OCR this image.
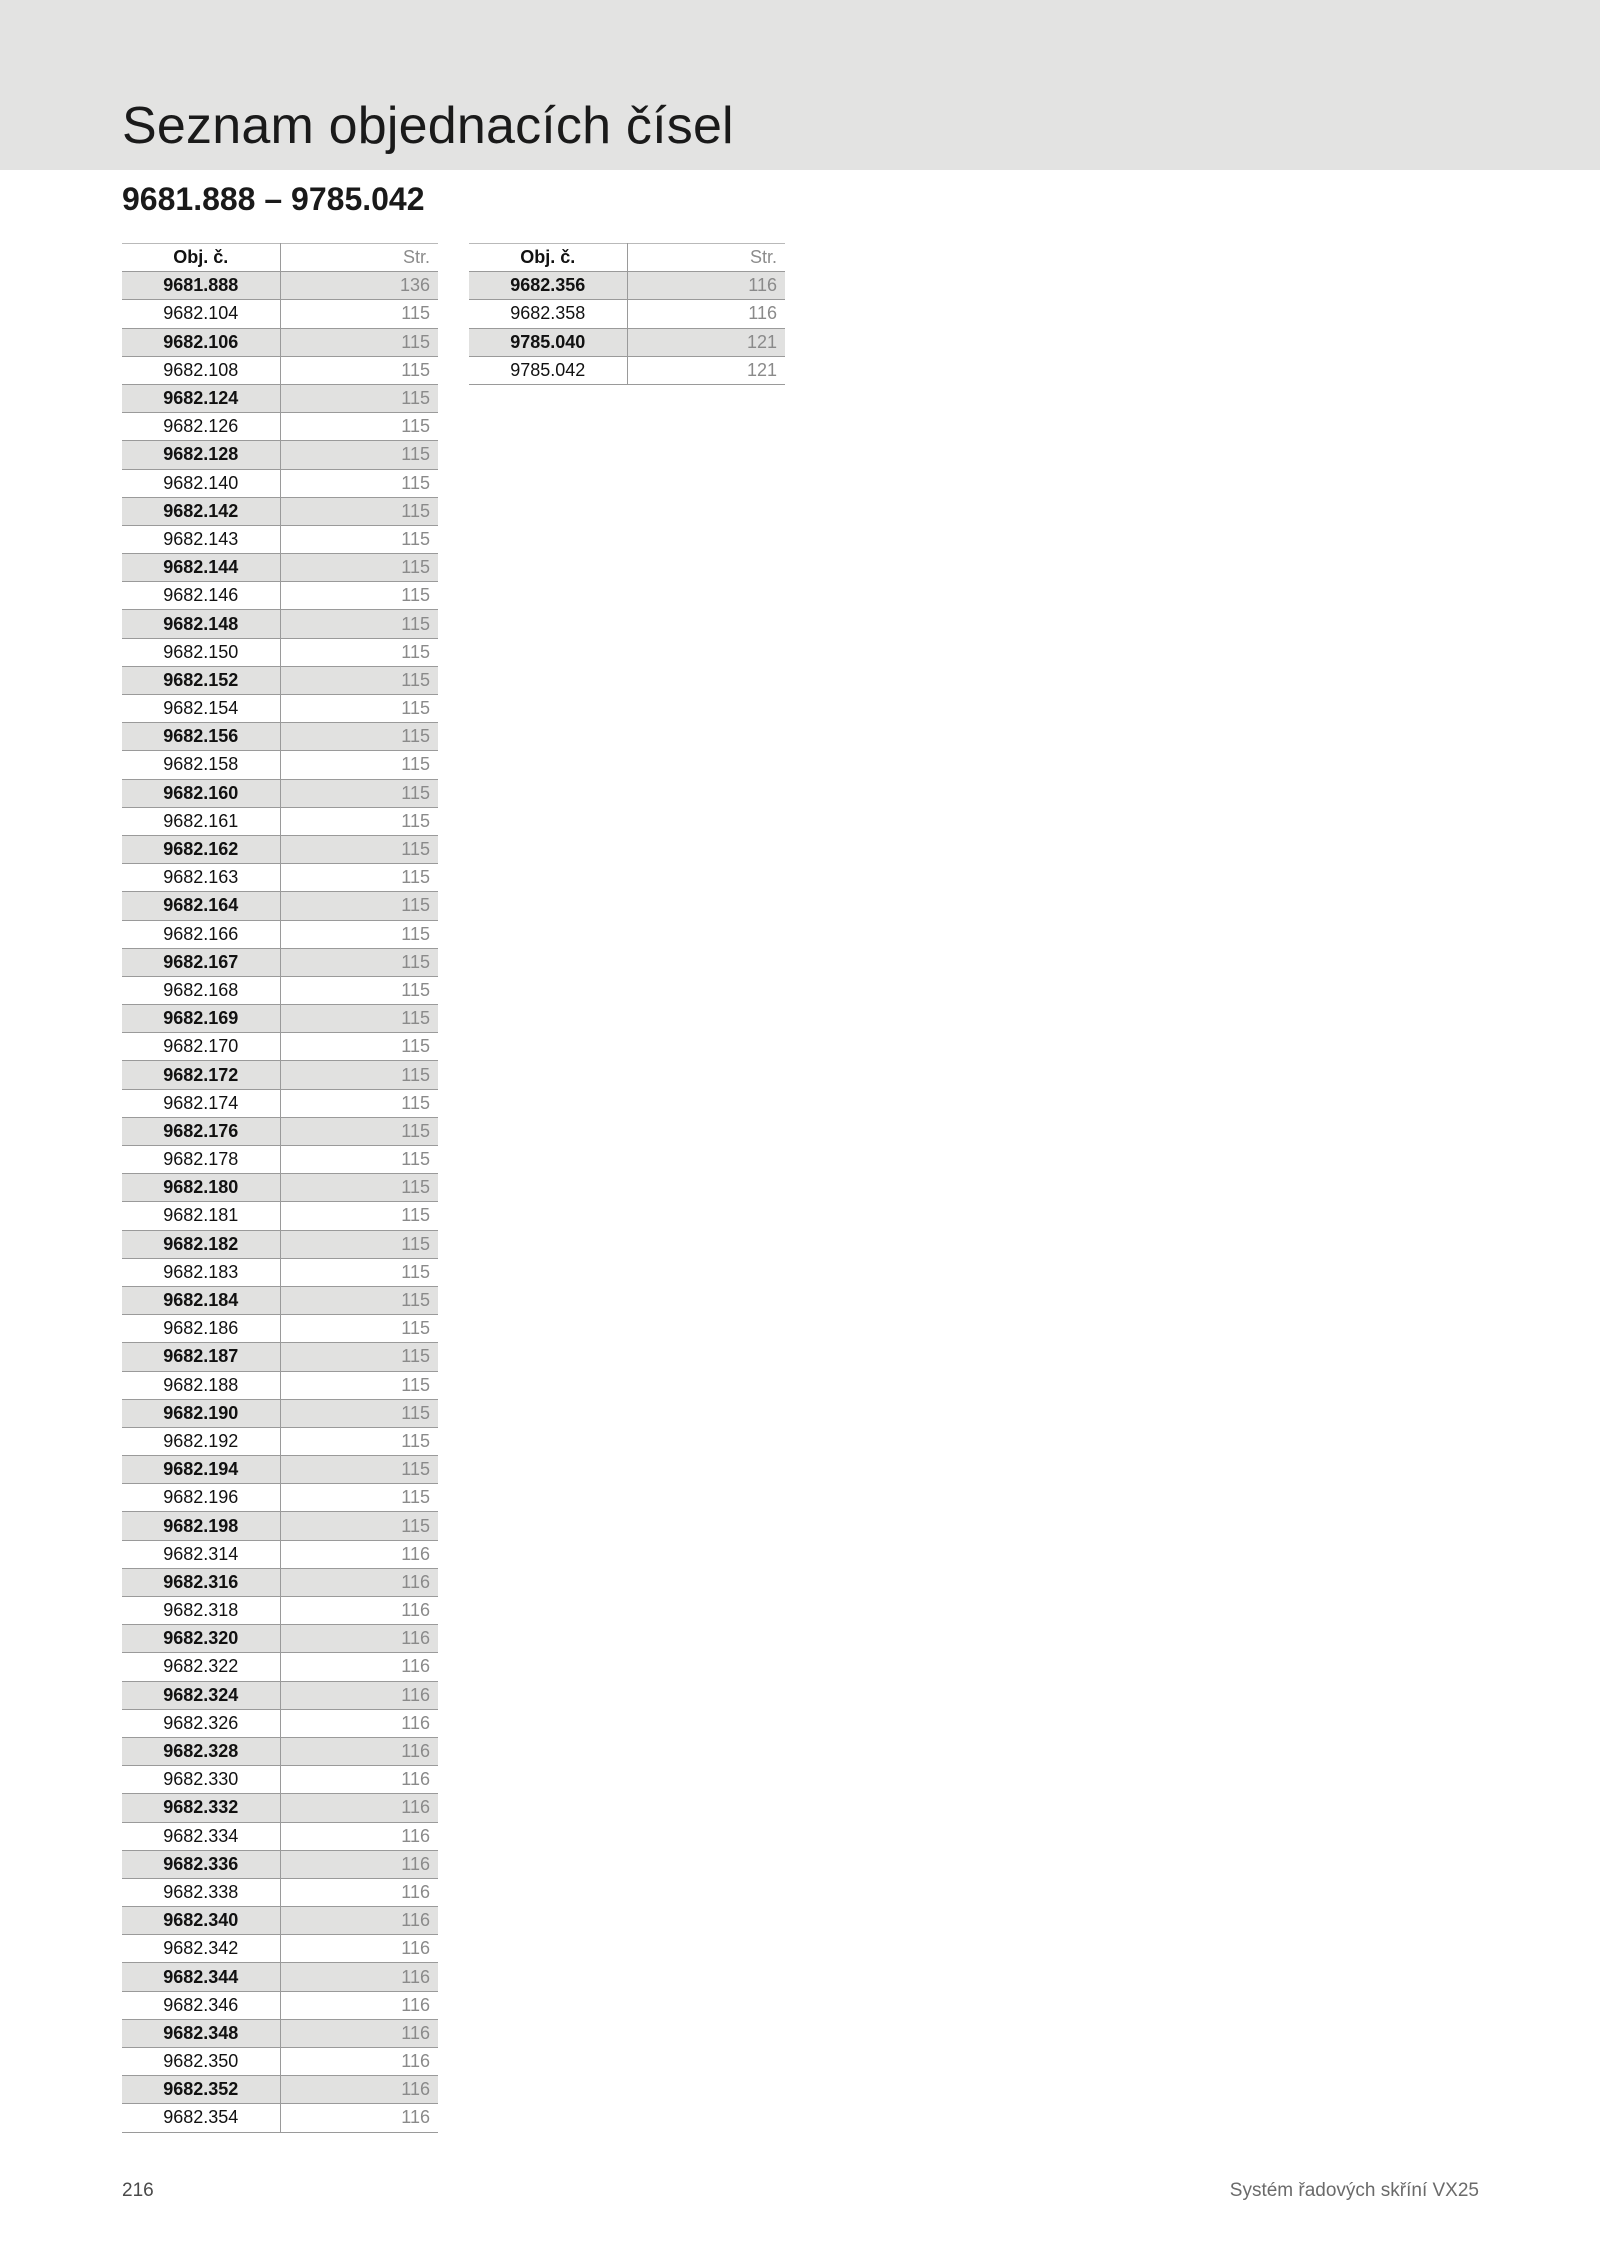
Seznam objednacích čísel
9681.888 – 9785.042
Obj. č.	Str.
9681.888	136
9682.104	115
9682.106	115
9682.108	115
9682.124	115
9682.126	115
9682.128	115
9682.140	115
9682.142	115
9682.143	115
9682.144	115
9682.146	115
9682.148	115
9682.150	115
9682.152	115
9682.154	115
9682.156	115
9682.158	115
9682.160	115
9682.161	115
9682.162	115
9682.163	115
9682.164	115
9682.166	115
9682.167	115
9682.168	115
9682.169	115
9682.170	115
9682.172	115
9682.174	115
9682.176	115
9682.178	115
9682.180	115
9682.181	115
9682.182	115
9682.183	115
9682.184	115
9682.186	115
9682.187	115
9682.188	115
9682.190	115
9682.192	115
9682.194	115
9682.196	115
9682.198	115
9682.314	116
9682.316	116
9682.318	116
9682.320	116
9682.322	116
9682.324	116
9682.326	116
9682.328	116
9682.330	116
9682.332	116
9682.334	116
9682.336	116
9682.338	116
9682.340	116
9682.342	116
9682.344	116
9682.346	116
9682.348	116
9682.350	116
9682.352	116
9682.354	116
Obj. č.	Str.
9682.356	116
9682.358	116
9785.040	121
9785.042	121
216	Systém řadových skříní VX25
